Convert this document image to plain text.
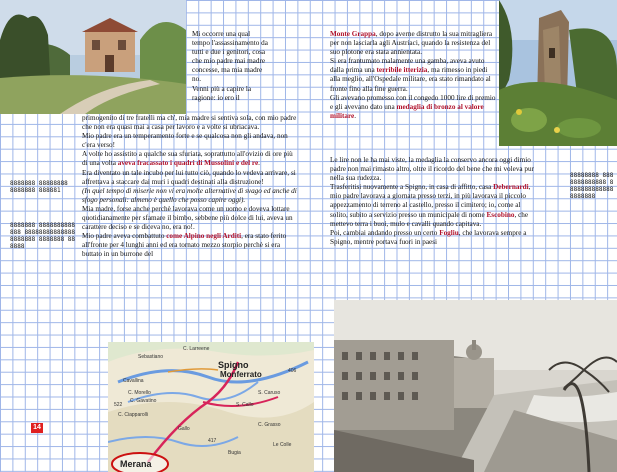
Mi occorre una qual

tempo l'assassinamento da

tutti e due i genitori, cosa

che mio padre mai madre

concesse, ma mia madre

no.

Venni più a capire la

ragione: io ero il

primogenito di tre fratelli ma ch', mia madre si sentiva sola, con mio padre che non era quasi mai a casa per lavoro e a volte si ubriacava.

Mio padre era un temperamento forte e se qualcosa non gli andava, non c'era verso!

A volte ho assistito a qualche sua sfuriata, soprattutto all'ovizio di ore più di una volta aveva fracassato i quadri di Mussolini e del re.

Era diventato un tale incubo per lui tutto ciò, quando lo vedeva arrivare, si affrettava a staccare dai muri i quadri destinati alla distruzione!

(In quel tempo di miserie non vi era molte alternative di svago ed anche di sfogo personali: almeno è quello che posso capire oggi).

Mia madre, forse anche perchè lavorava come un uomo e doveva lottare quotidianamente per sfamare il bimbo, sebbene più dolce di lui, aveva un carattere deciso e se diceva no, era no!.

Mio padre aveva combattuto come Alpino negli Arditi, era stato ferito all'fronte per 4 lunghi anni ed era tornato mezzo storpio perchè si era buttato in un burrone del

Monte Grappa, dopo averne distrutto la sua mitragliera per non lasciarla agli Austriaci, quando la resistenza del suo plotone era stata annientata.

Si era frantumato malamente una gamba, aveva avuto dalla prima una terribile itterizia, ma rimesso in piedi alla meglio, all'Ospedale militare, era stato rimandato al fronte fino alla fine guerra.

Gli avevano promesso con il congedo 1000 lire di premio e gli avevano dato una medaglia di bronzo al valore militare.

Le lire non le ha mai viste, la medaglia la conservo ancora oggi dimio padre non mai rimasto altro, oltre il ricordo del bene che mi voleva pur nella sua rudezza.

Trasferitisi nuovamente a Spigno, in casa di affitto, casa Debernardi, mio padre lavorava a giornata presso terzi, in più lavorava il piccolo appezzamento di terreno al castello, presso il cimitero; io, come al solito, subito a servizio presso un municipale di nome Escobino, che mettevo terra i buoi, mulo e cavalli quando capitava.

Poi, cambiai andando presso un certo Fogliu, che lavorava sempre a Spigno, mentre portava fuori in paesi

8888888 888888888888888 888881
8888888 8888888888888 888888888888888888888 8888888 888888
88888888 8888888888888 8888888888888 8888888
Merana
Spigno
Monferrato
C. Larreene
Sebastiano
Cavallina
C. Morello
C. Gavatino
S. Caruso
S. Callo
C. Ciapparolli
Gallo
C. Grasso
Bugia
Le Colle
522
406
417
14
